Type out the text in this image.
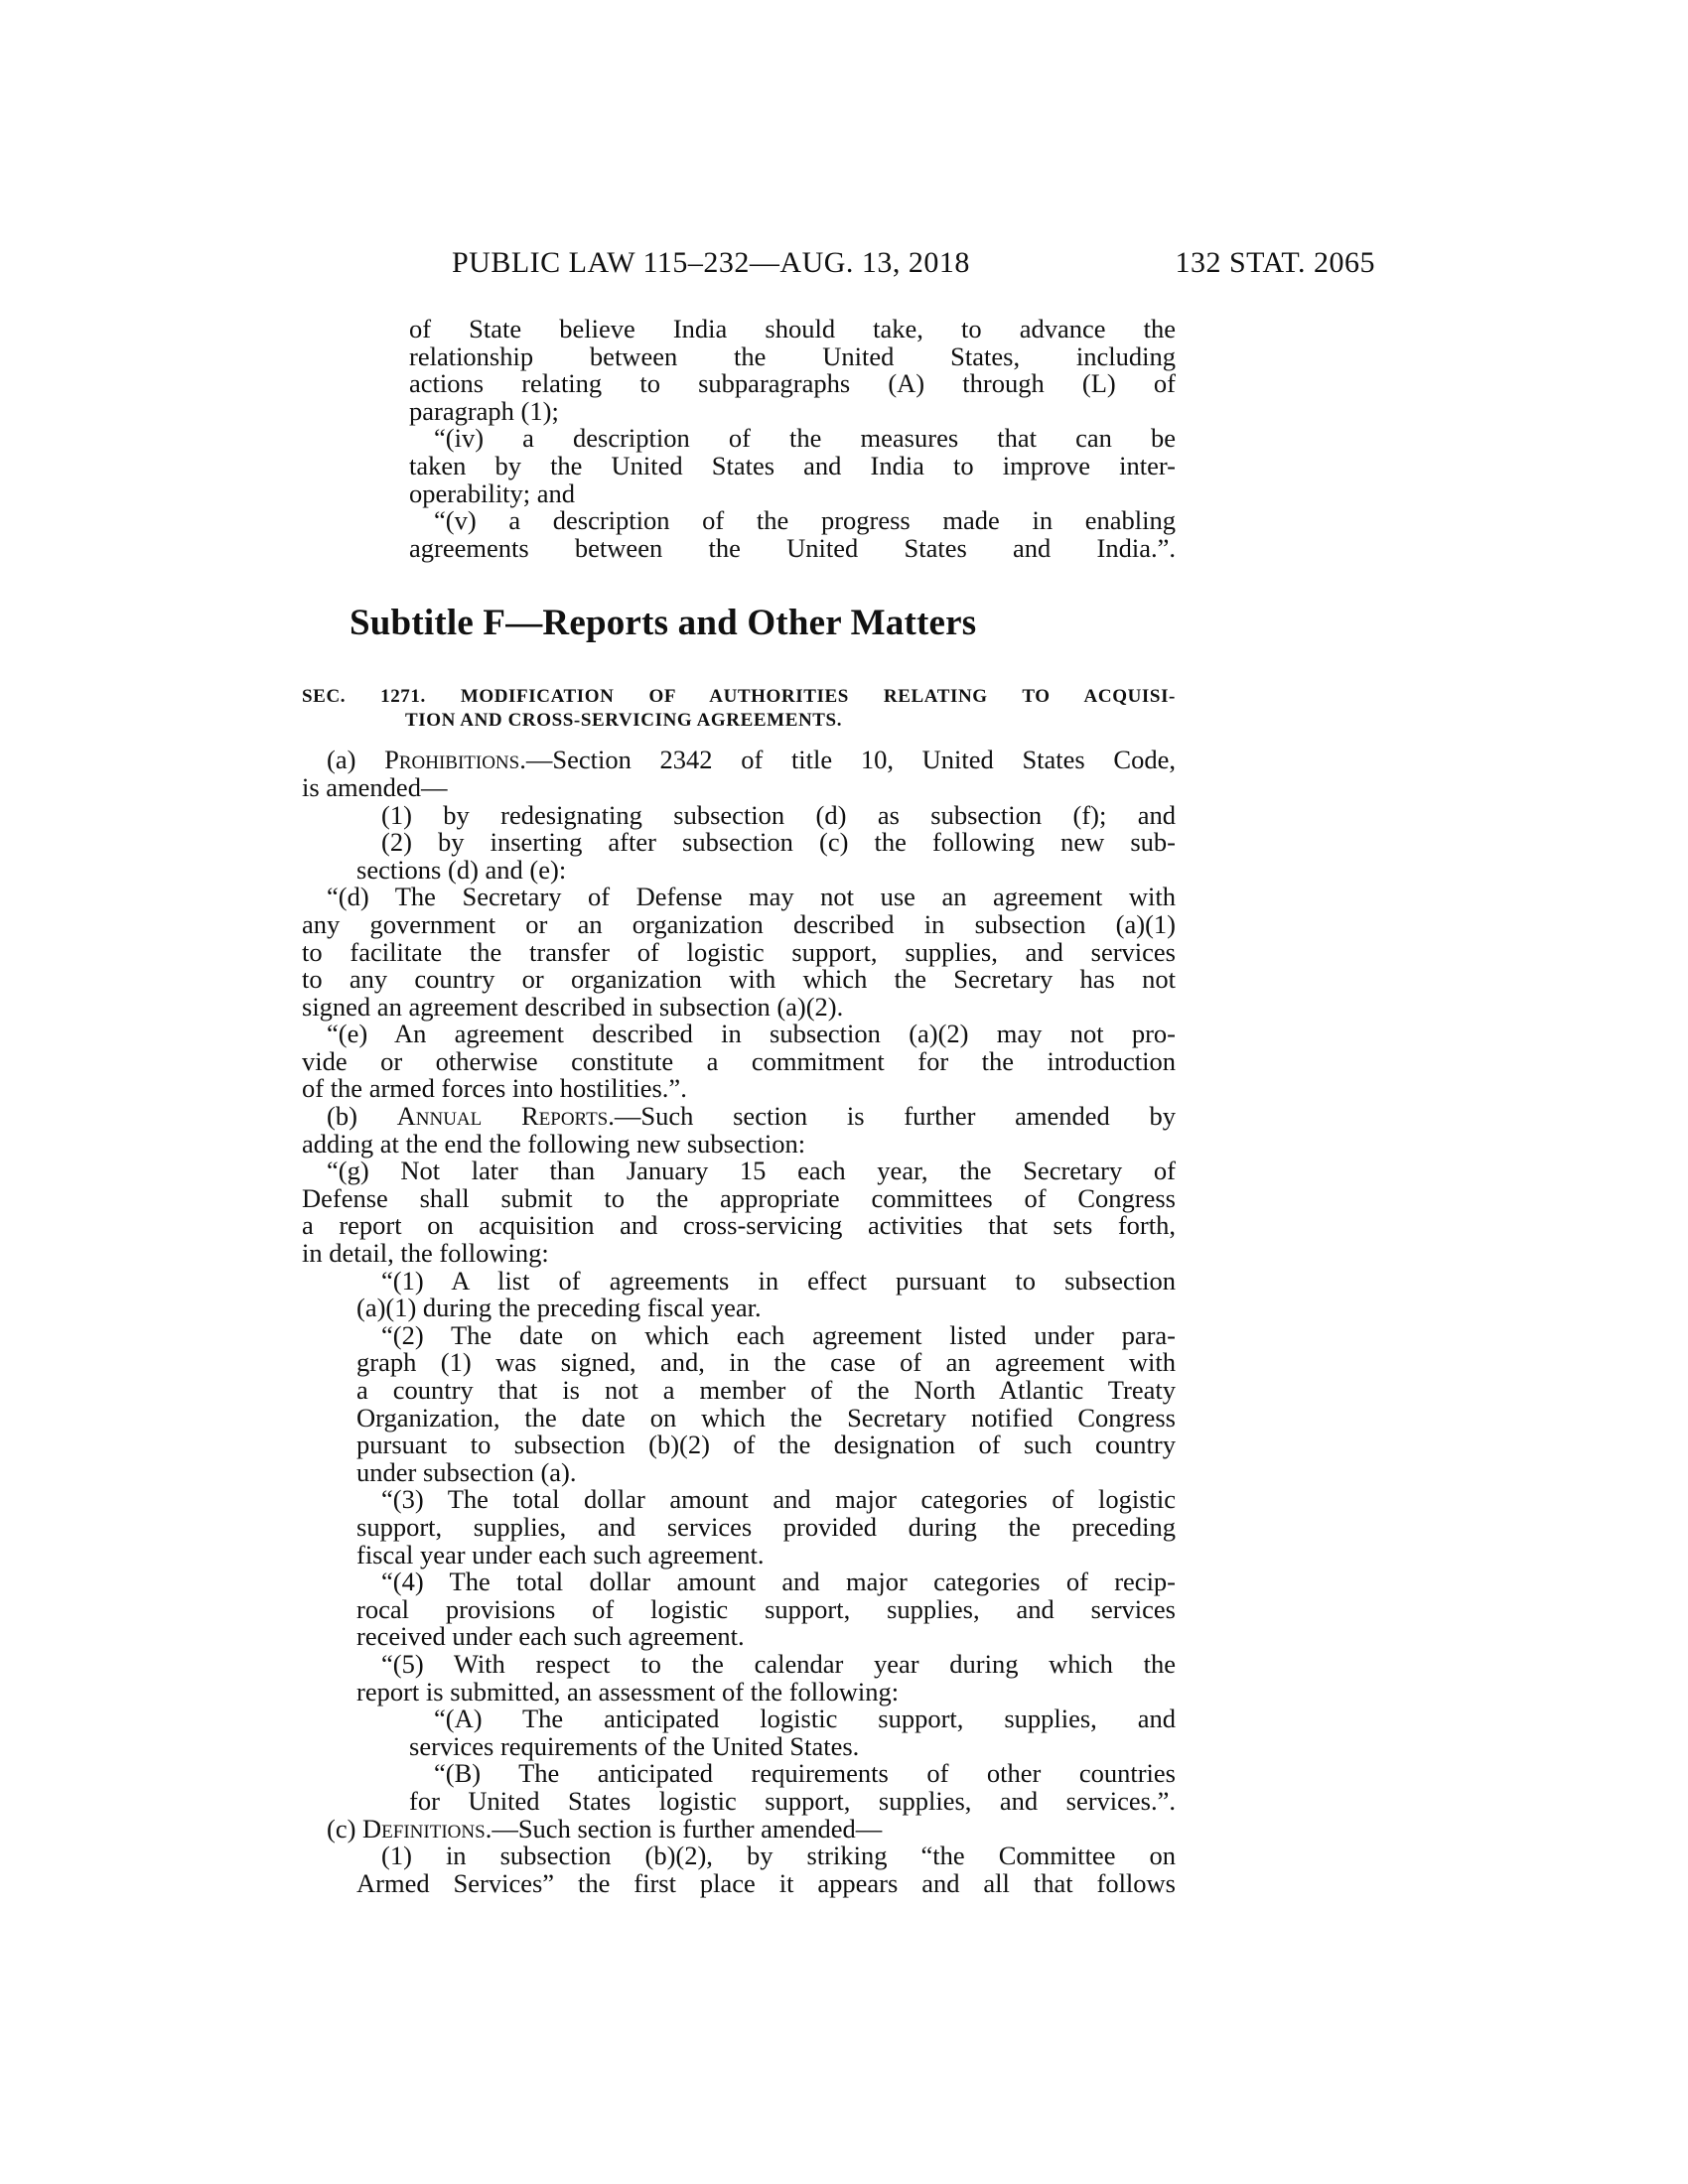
PUBLIC LAW 115–232—AUG. 13, 2018	132 STAT. 2065
of State believe India should take, to advance the
relationship between the United States, including
actions relating to subparagraphs (A) through (L) of
paragraph (1);
“(iv) a description of the measures that can be
taken by the United States and India to improve inter-
operability; and
“(v) a description of the progress made in enabling
agreements between the United States and India.”.
Subtitle F—Reports and Other Matters
SEC. 1271. MODIFICATION OF AUTHORITIES RELATING TO ACQUISI-
TION AND CROSS-SERVICING AGREEMENTS.
(a) Prohibitions.—Section 2342 of title 10, United States Code,
is amended—
(1) by redesignating subsection (d) as subsection (f); and
(2) by inserting after subsection (c) the following new sub-
sections (d) and (e):
“(d) The Secretary of Defense may not use an agreement with
any government or an organization described in subsection (a)(1)
to facilitate the transfer of logistic support, supplies, and services
to any country or organization with which the Secretary has not
signed an agreement described in subsection (a)(2).
“(e) An agreement described in subsection (a)(2) may not pro-
vide or otherwise constitute a commitment for the introduction
of the armed forces into hostilities.”.
(b) Annual Reports.—Such section is further amended by
adding at the end the following new subsection:
“(g) Not later than January 15 each year, the Secretary of
Defense shall submit to the appropriate committees of Congress
a report on acquisition and cross-servicing activities that sets forth,
in detail, the following:
“(1) A list of agreements in effect pursuant to subsection
(a)(1) during the preceding fiscal year.
“(2) The date on which each agreement listed under para-
graph (1) was signed, and, in the case of an agreement with
a country that is not a member of the North Atlantic Treaty
Organization, the date on which the Secretary notified Congress
pursuant to subsection (b)(2) of the designation of such country
under subsection (a).
“(3) The total dollar amount and major categories of logistic
support, supplies, and services provided during the preceding
fiscal year under each such agreement.
“(4) The total dollar amount and major categories of recip-
rocal provisions of logistic support, supplies, and services
received under each such agreement.
“(5) With respect to the calendar year during which the
report is submitted, an assessment of the following:
“(A) The anticipated logistic support, supplies, and
services requirements of the United States.
“(B) The anticipated requirements of other countries
for United States logistic support, supplies, and services.”.
(c) Definitions.—Such section is further amended—
(1) in subsection (b)(2), by striking “the Committee on
Armed Services” the first place it appears and all that follows
